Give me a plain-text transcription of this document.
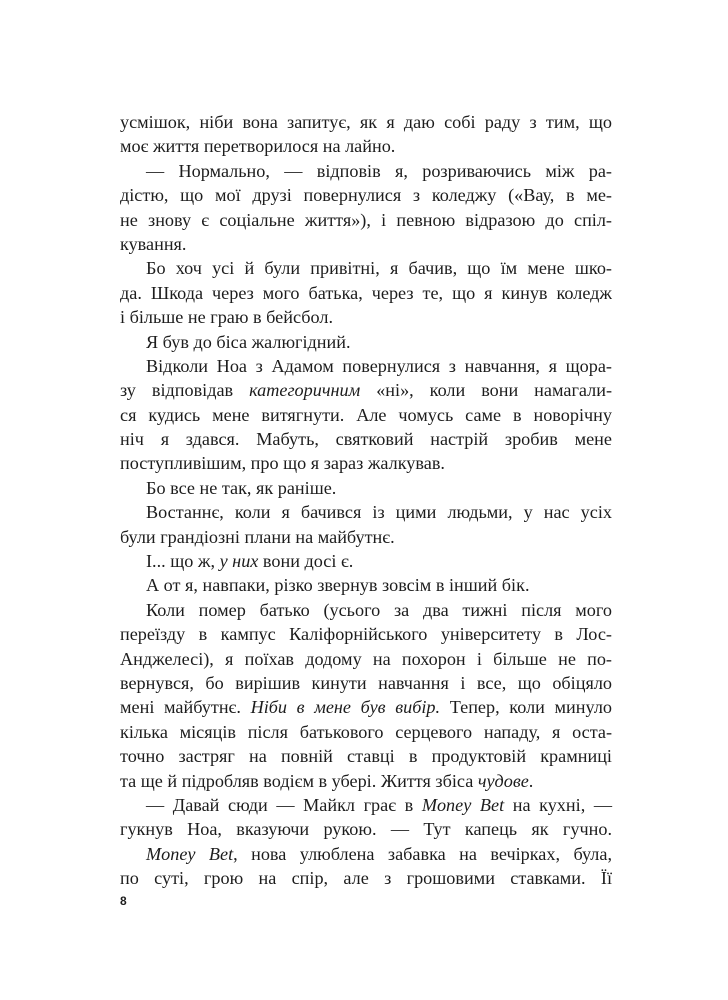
усмішок, ніби вона запитує, як я даю собі раду з тим, що
моє життя перетворилося на лайно.
— Нормально, — відповів я, розриваючись між ра-
дістю, що мої друзі повернулися з коледжу («Вау, в ме-
не знову є соціальне життя»), і певною відразою до спіл-
кування.
Бо хоч усі й були привітні, я бачив, що їм мене шко-
да. Шкода через мого батька, через те, що я кинув коледж
і більше не граю в бейсбол.
Я був до біса жалюгідний.
Відколи Ноа з Адамом повернулися з навчання, я щора-
зу відповідав категоричним «ні», коли вони намагали-
ся кудись мене витягнути. Але чомусь саме в новорічну
ніч я здався. Мабуть, святковий настрій зробив мене
поступливішим, про що я зараз жалкував.
Бо все не так, як раніше.
Востаннє, коли я бачився із цими людьми, у нас усіх
були грандіозні плани на майбутнє.
І... що ж, у них вони досі є.
А от я, навпаки, різко звернув зовсім в інший бік.
Коли помер батько (усього за два тижні після мого
переїзду в кампус Каліфорнійського університету в Лос-
Анджелесі), я поїхав додому на похорон і більше не по-
вернувся, бо вирішив кинути навчання і все, що обіцяло
мені майбутнє. Ніби в мене був вибір. Тепер, коли минуло
кілька місяців після батькового серцевого нападу, я оста-
точно застряг на повній ставці в продуктовій крамниці
та ще й підробляв водієм в убері. Життя збіса чудове.
— Давай сюди — Майкл грає в Money Bet на кухні, —
гукнув Ноа, вказуючи рукою. — Тут капець як гучно.
Money Bet, нова улюблена забавка на вечірках, була,
по суті, грою на спір, але з грошовими ставками. Її
8
